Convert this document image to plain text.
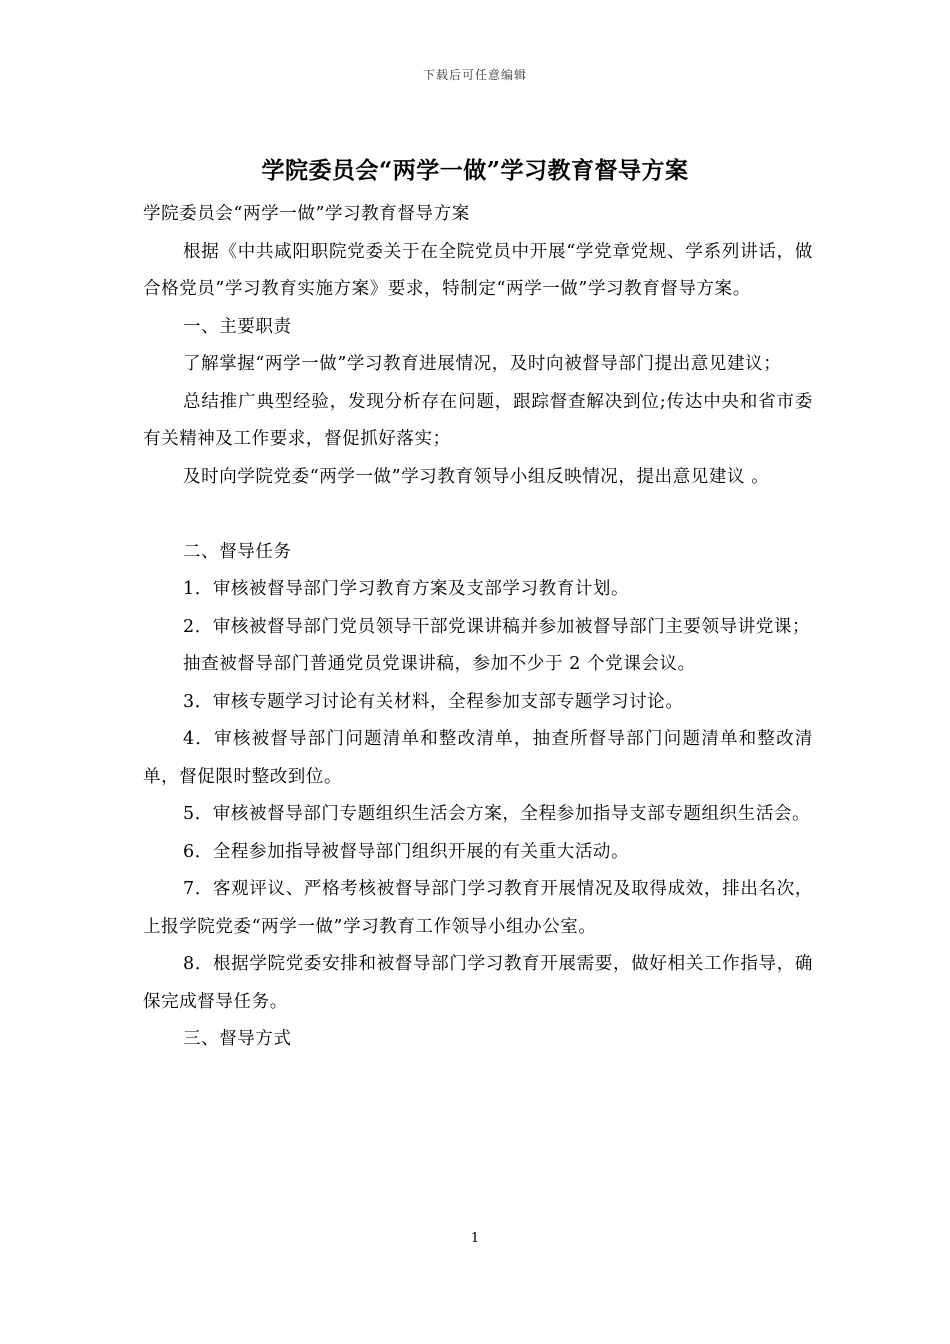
下载后可任意编辑
学院委员会“两学一做”学习教育督导方案

学院委员会“两学一做”学习教育督导方案

根据《中共咸阳职院党委关于在全院党员中开展“学党章党规、学系列讲话，做合格党员”学习教育实施方案》要求，特制定“两学一做”学习教育督导方案。

一、主要职责

了解掌握“两学一做”学习教育进展情况，及时向被督导部门提出意见建议；

总结推广典型经验，发现分析存在问题，跟踪督查解决到位;传达中央和省市委有关精神及工作要求，督促抓好落实；

及时向学院党委“两学一做”学习教育领导小组反映情况，提出意见建议 。

二、督导任务

1．审核被督导部门学习教育方案及支部学习教育计划。

2．审核被督导部门党员领导干部党课讲稿并参加被督导部门主要领导讲党课；

抽查被督导部门普通党员党课讲稿，参加不少于 2 个党课会议。

3．审核专题学习讨论有关材料，全程参加支部专题学习讨论。

4．审核被督导部门问题清单和整改清单，抽查所督导部门问题清单和整改清单，督促限时整改到位。

5．审核被督导部门专题组织生活会方案，全程参加指导支部专题组织生活会。

6．全程参加指导被督导部门组织开展的有关重大活动。

7．客观评议、严格考核被督导部门学习教育开展情况及取得成效，排出名次，上报学院党委“两学一做”学习教育工作领导小组办公室。

8．根据学院党委安排和被督导部门学习教育开展需要，做好相关工作指导，确保完成督导任务。

三、督导方式

1
